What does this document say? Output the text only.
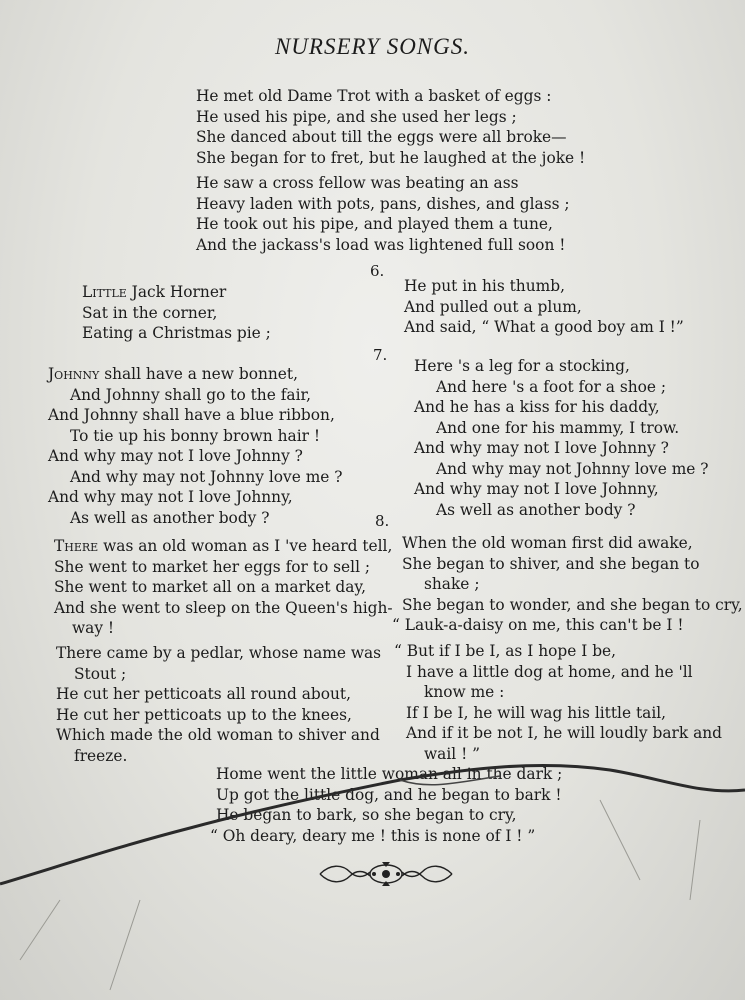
NURSERY SONGS.
He met old Dame Trot with a basket of eggs :
He used his pipe, and she used her legs ;
She danced about till the eggs were all broke—
She began for to fret, but he laughed at the joke !
He saw a cross fellow was beating an ass
Heavy laden with pots, pans, dishes, and glass ;
He took out his pipe, and played them a tune,
And the jackass's load was lightened full soon !
6.
Little Jack Horner
Sat in the corner,
Eating a Christmas pie ;
He put in his thumb,
And pulled out a plum,
And said, “ What a good boy am I !”
7.
Johnny shall have a new bonnet,
And Johnny shall go to the fair,
And Johnny shall have a blue ribbon,
To tie up his bonny brown hair !
And why may not I love Johnny ?
And why may not Johnny love me ?
And why may not I love Johnny,
As well as another body ?
Here 's a leg for a stocking,
And here 's a foot for a shoe ;
And he has a kiss for his daddy,
And one for his mammy, I trow.
And why may not I love Johnny ?
And why may not Johnny love me ?
And why may not I love Johnny,
As well as another body ?
8.
There was an old woman as I 've heard tell,
She went to market her eggs for to sell ;
She went to market all on a market day,
And she went to sleep on the Queen's high-
way !
There came by a pedlar, whose name was
Stout ;
He cut her petticoats all round about,
He cut her petticoats up to the knees,
Which made the old woman to shiver and
freeze.
When the old woman first did awake,
She began to shiver, and she began to
shake ;
She began to wonder, and she began to cry,
“ Lauk-a-daisy on me, this can't be I !
“ But if I be I, as I hope I be,
I have a little dog at home, and he 'll
know me :
If I be I, he will wag his little tail,
And if it be not I, he will loudly bark and
wail ! ”
Home went the little woman all in the dark ;
Up got the little dog, and he began to bark !
He began to bark, so she began to cry,
“ Oh deary, deary me ! this is none of I ! ”
